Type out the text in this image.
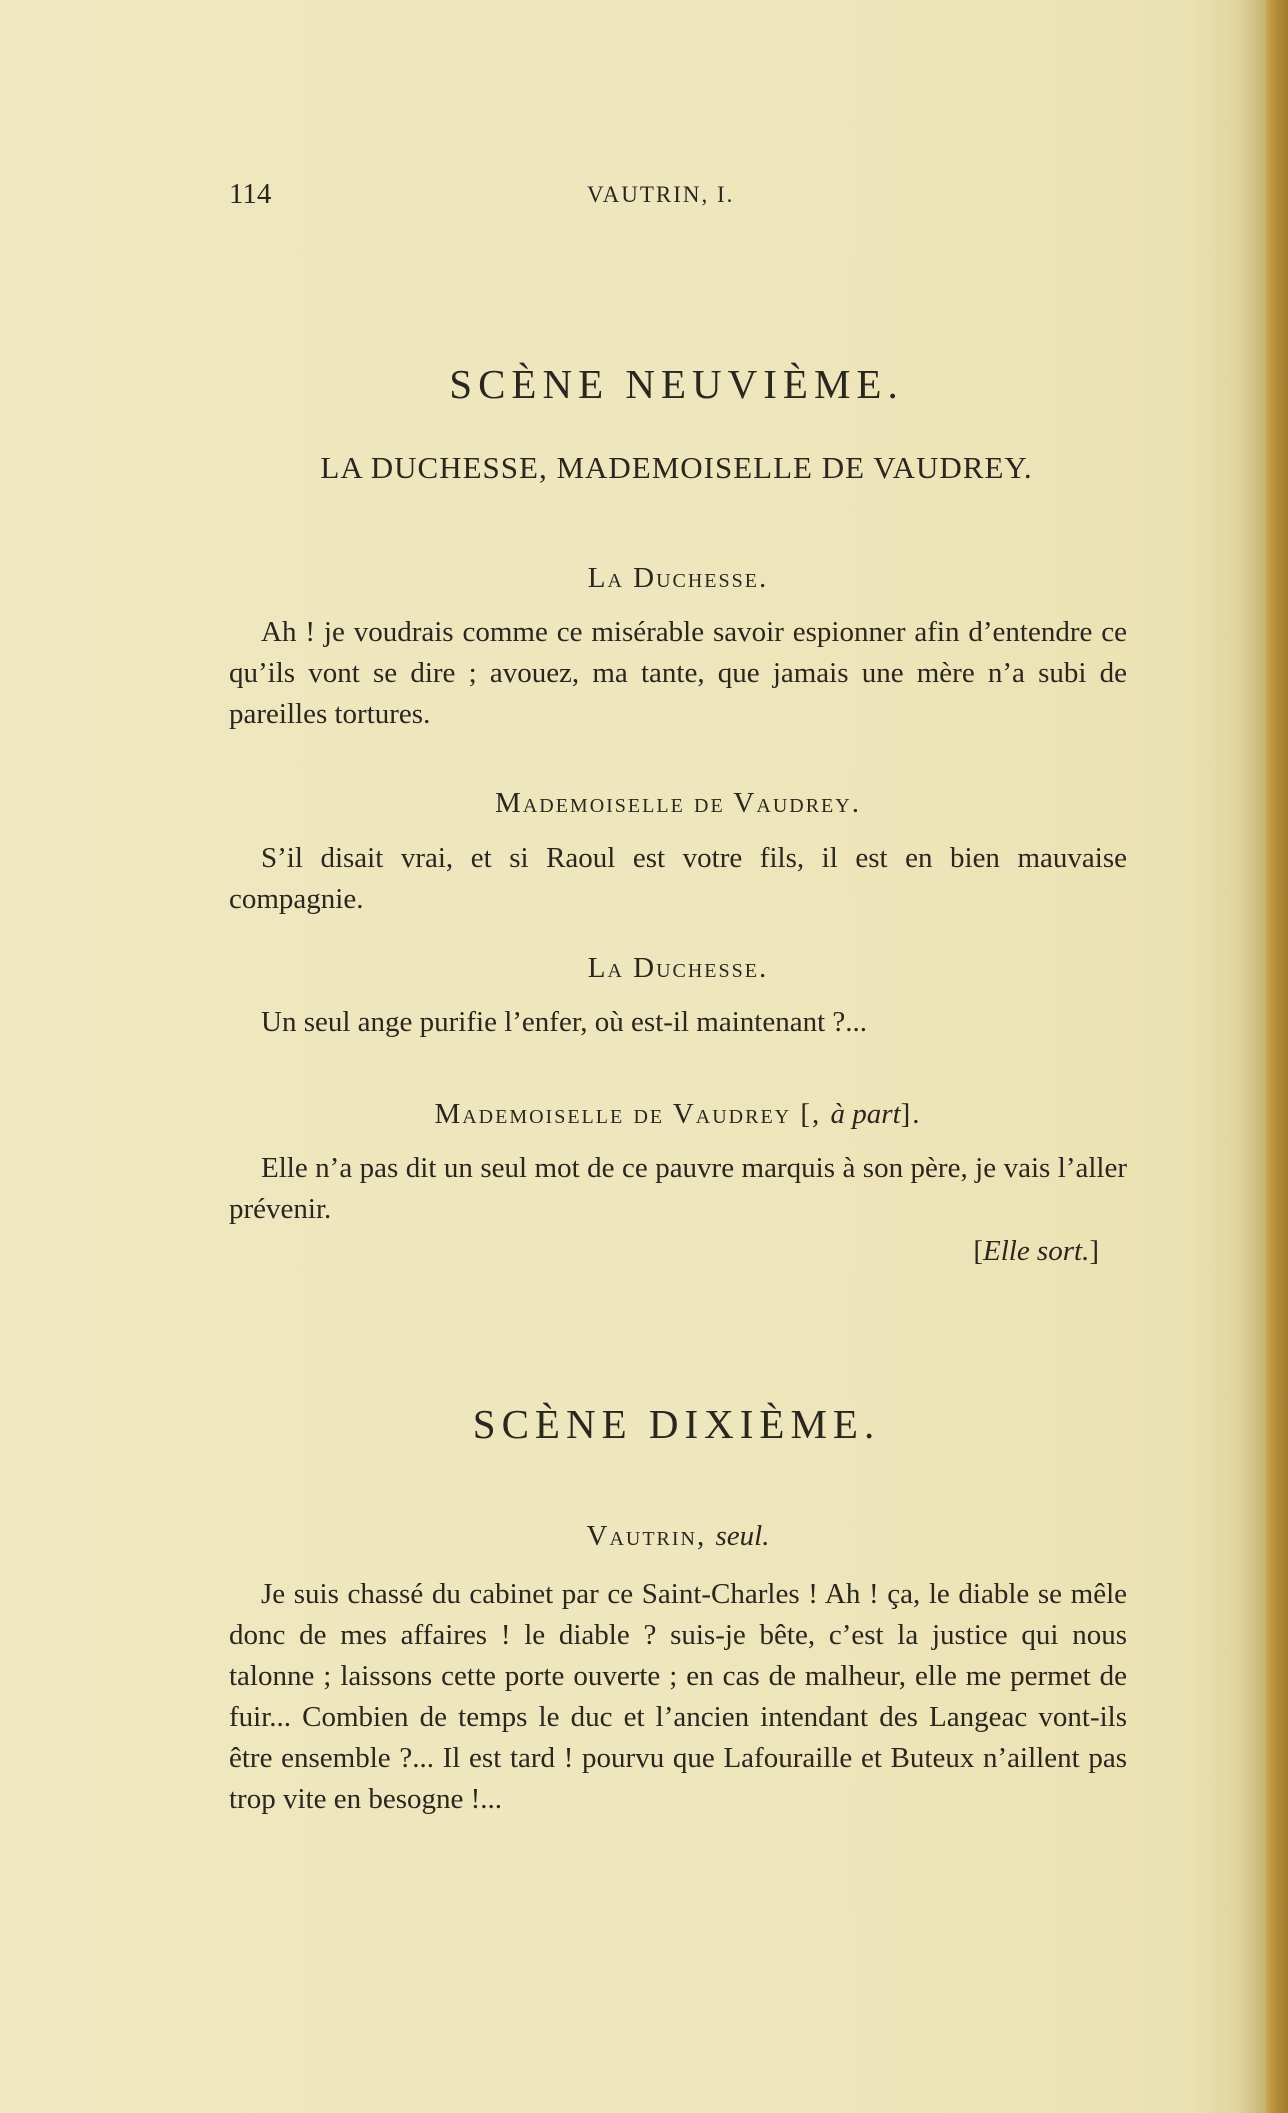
114	VAUTRIN, I.
SCÈNE NEUVIÈME.
LA DUCHESSE, MADEMOISELLE DE VAUDREY.
La Duchesse.

Ah ! je voudrais comme ce misérable savoir espionner afin d’entendre ce qu’ils vont se dire ; avouez, ma tante, que jamais une mère n’a subi de pareilles tortures.

Mademoiselle de Vaudrey.

S’il disait vrai, et si Raoul est votre fils, il est en bien mauvaise compagnie.

La Duchesse.

Un seul ange purifie l’enfer, où est-il maintenant ?...

Mademoiselle de Vaudrey [, à part].

Elle n’a pas dit un seul mot de ce pauvre marquis à son père, je vais l’aller prévenir.

[Elle sort.]
SCÈNE DIXIÈME.
Vautrin, seul.

Je suis chassé du cabinet par ce Saint-Charles ! Ah ! ça, le diable se mêle donc de mes affaires ! le diable ? suis-je bête, c’est la justice qui nous talonne ; laissons cette porte ouverte ; en cas de malheur, elle me permet de fuir... Combien de temps le duc et l’ancien intendant des Langeac vont-ils être ensemble ?... Il est tard ! pourvu que Lafouraille et Buteux n’aillent pas trop vite en besogne !...
